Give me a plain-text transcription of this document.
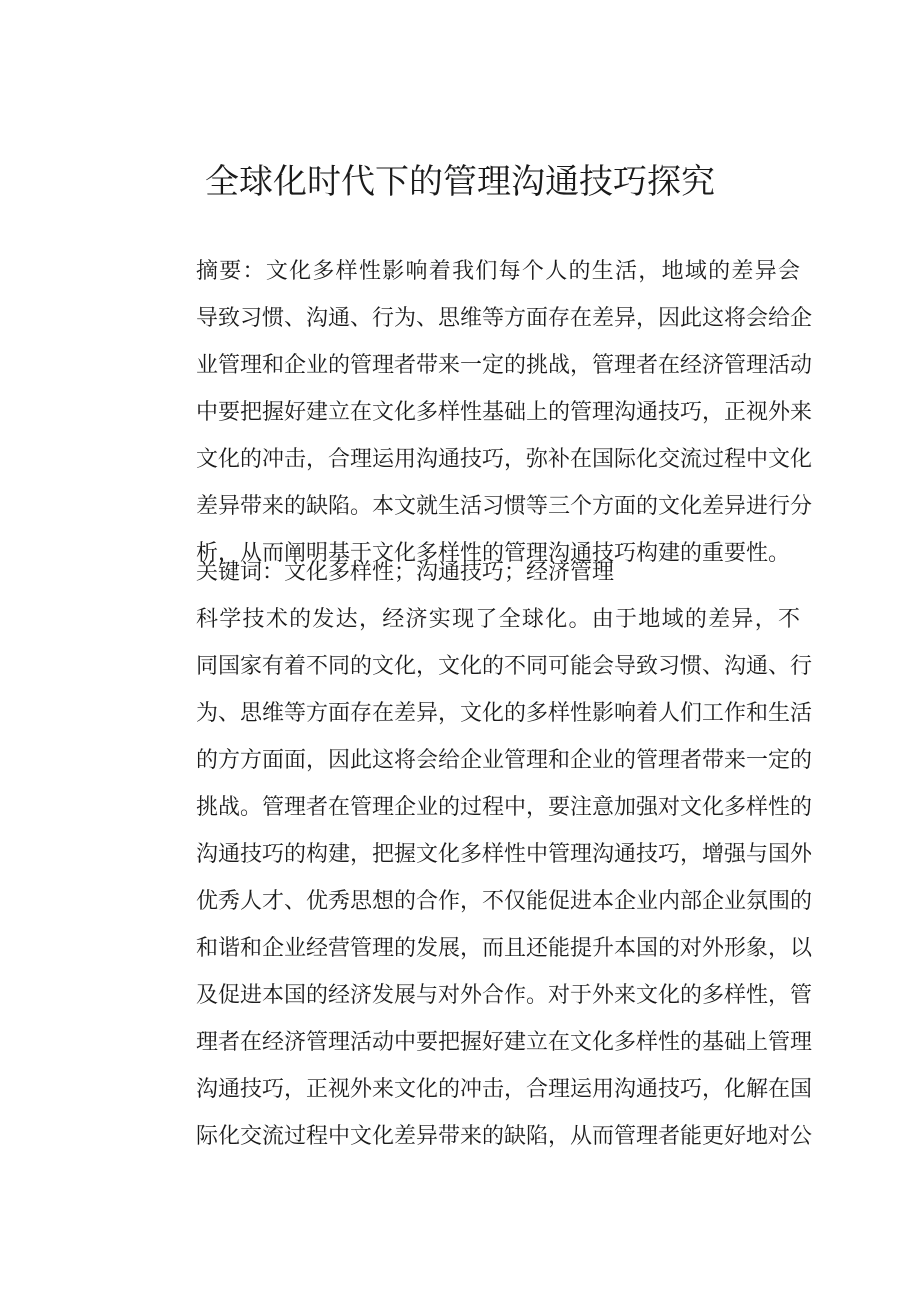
全球化时代下的管理沟通技巧探究
摘要：文化多样性影响着我们每个人的生活，地域的差异会
导致习惯、沟通、行为、思维等方面存在差异，因此这将会给企
业管理和企业的管理者带来一定的挑战，管理者在经济管理活动
中要把握好建立在文化多样性基础上的管理沟通技巧，正视外来
文化的冲击，合理运用沟通技巧，弥补在国际化交流过程中文化
差异带来的缺陷。本文就生活习惯等三个方面的文化差异进行分
析，从而阐明基于文化多样性的管理沟通技巧构建的重要性。
关键词：文化多样性；沟通技巧；经济管理
科学技术的发达，经济实现了全球化。由于地域的差异，不
同国家有着不同的文化，文化的不同可能会导致习惯、沟通、行
为、思维等方面存在差异，文化的多样性影响着人们工作和生活
的方方面面，因此这将会给企业管理和企业的管理者带来一定的
挑战。管理者在管理企业的过程中，要注意加强对文化多样性的
沟通技巧的构建，把握文化多样性中管理沟通技巧，增强与国外
优秀人才、优秀思想的合作，不仅能促进本企业内部企业氛围的
和谐和企业经营管理的发展，而且还能提升本国的对外形象，以
及促进本国的经济发展与对外合作。对于外来文化的多样性，管
理者在经济管理活动中要把握好建立在文化多样性的基础上管理
沟通技巧，正视外来文化的冲击，合理运用沟通技巧，化解在国
际化交流过程中文化差异带来的缺陷，从而管理者能更好地对公
